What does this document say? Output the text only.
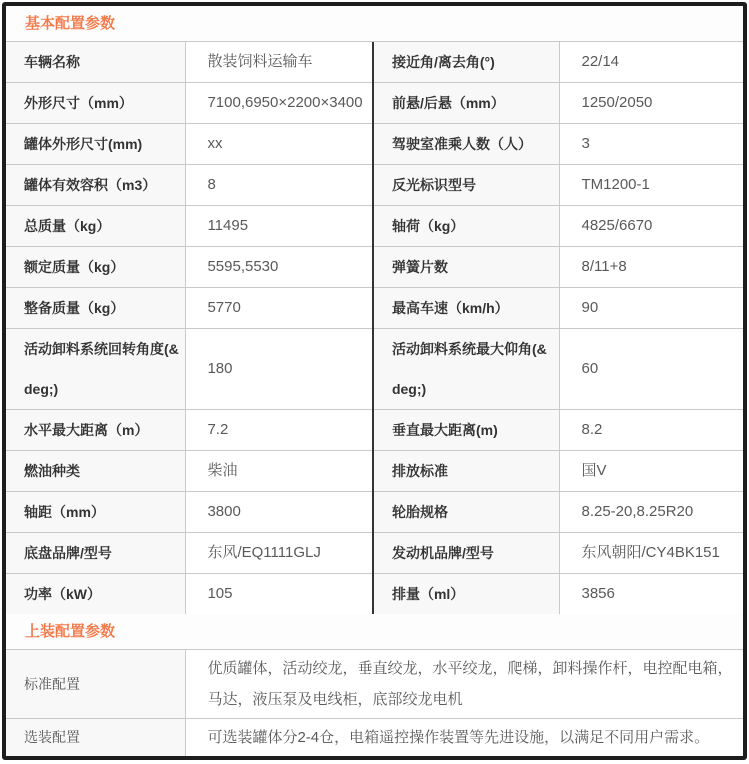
基本配置参数
车辆名称	散装饲料运输车	接近角/离去角(°)	22/14
外形尺寸（mm）	7100,6950×2200×3400	前悬/后悬（mm）	1250/2050
罐体外形尺寸(mm)	xx	驾驶室准乘人数（人）	3
罐体有效容积（m3）	8	反光标识型号	TM1200-1
总质量（kg）	11495	轴荷（kg）	4825/6670
额定质量（kg）	5595,5530	弹簧片数	8/11+8
整备质量（kg）	5770	最高车速（km/h）	90
活动卸料系统回转角度(&​deg;)	180	活动卸料系统最大仰角(&​deg;)	60
水平最大距离（m）	7.2	垂直最大距离(m)	8.2
燃油种类	柴油	排放标准	国V
轴距（mm）	3800	轮胎规格	8.25-20,8.25R20
底盘品牌/型号	东风/EQ1111GLJ	发动机品牌/型号	东风朝阳/CY4BK151
功率（kW）	105	排量（ml）	3856
上装配置参数
标准配置	优质罐体，活动绞龙，垂直绞龙，水平绞龙，爬梯，卸料操作杆，电控配电箱，马达，液压泵及电线柜，底部绞龙电机
选装配置	可选装罐体分2-4仓，电箱遥控操作装置等先进设施，以满足不同用户需求。
